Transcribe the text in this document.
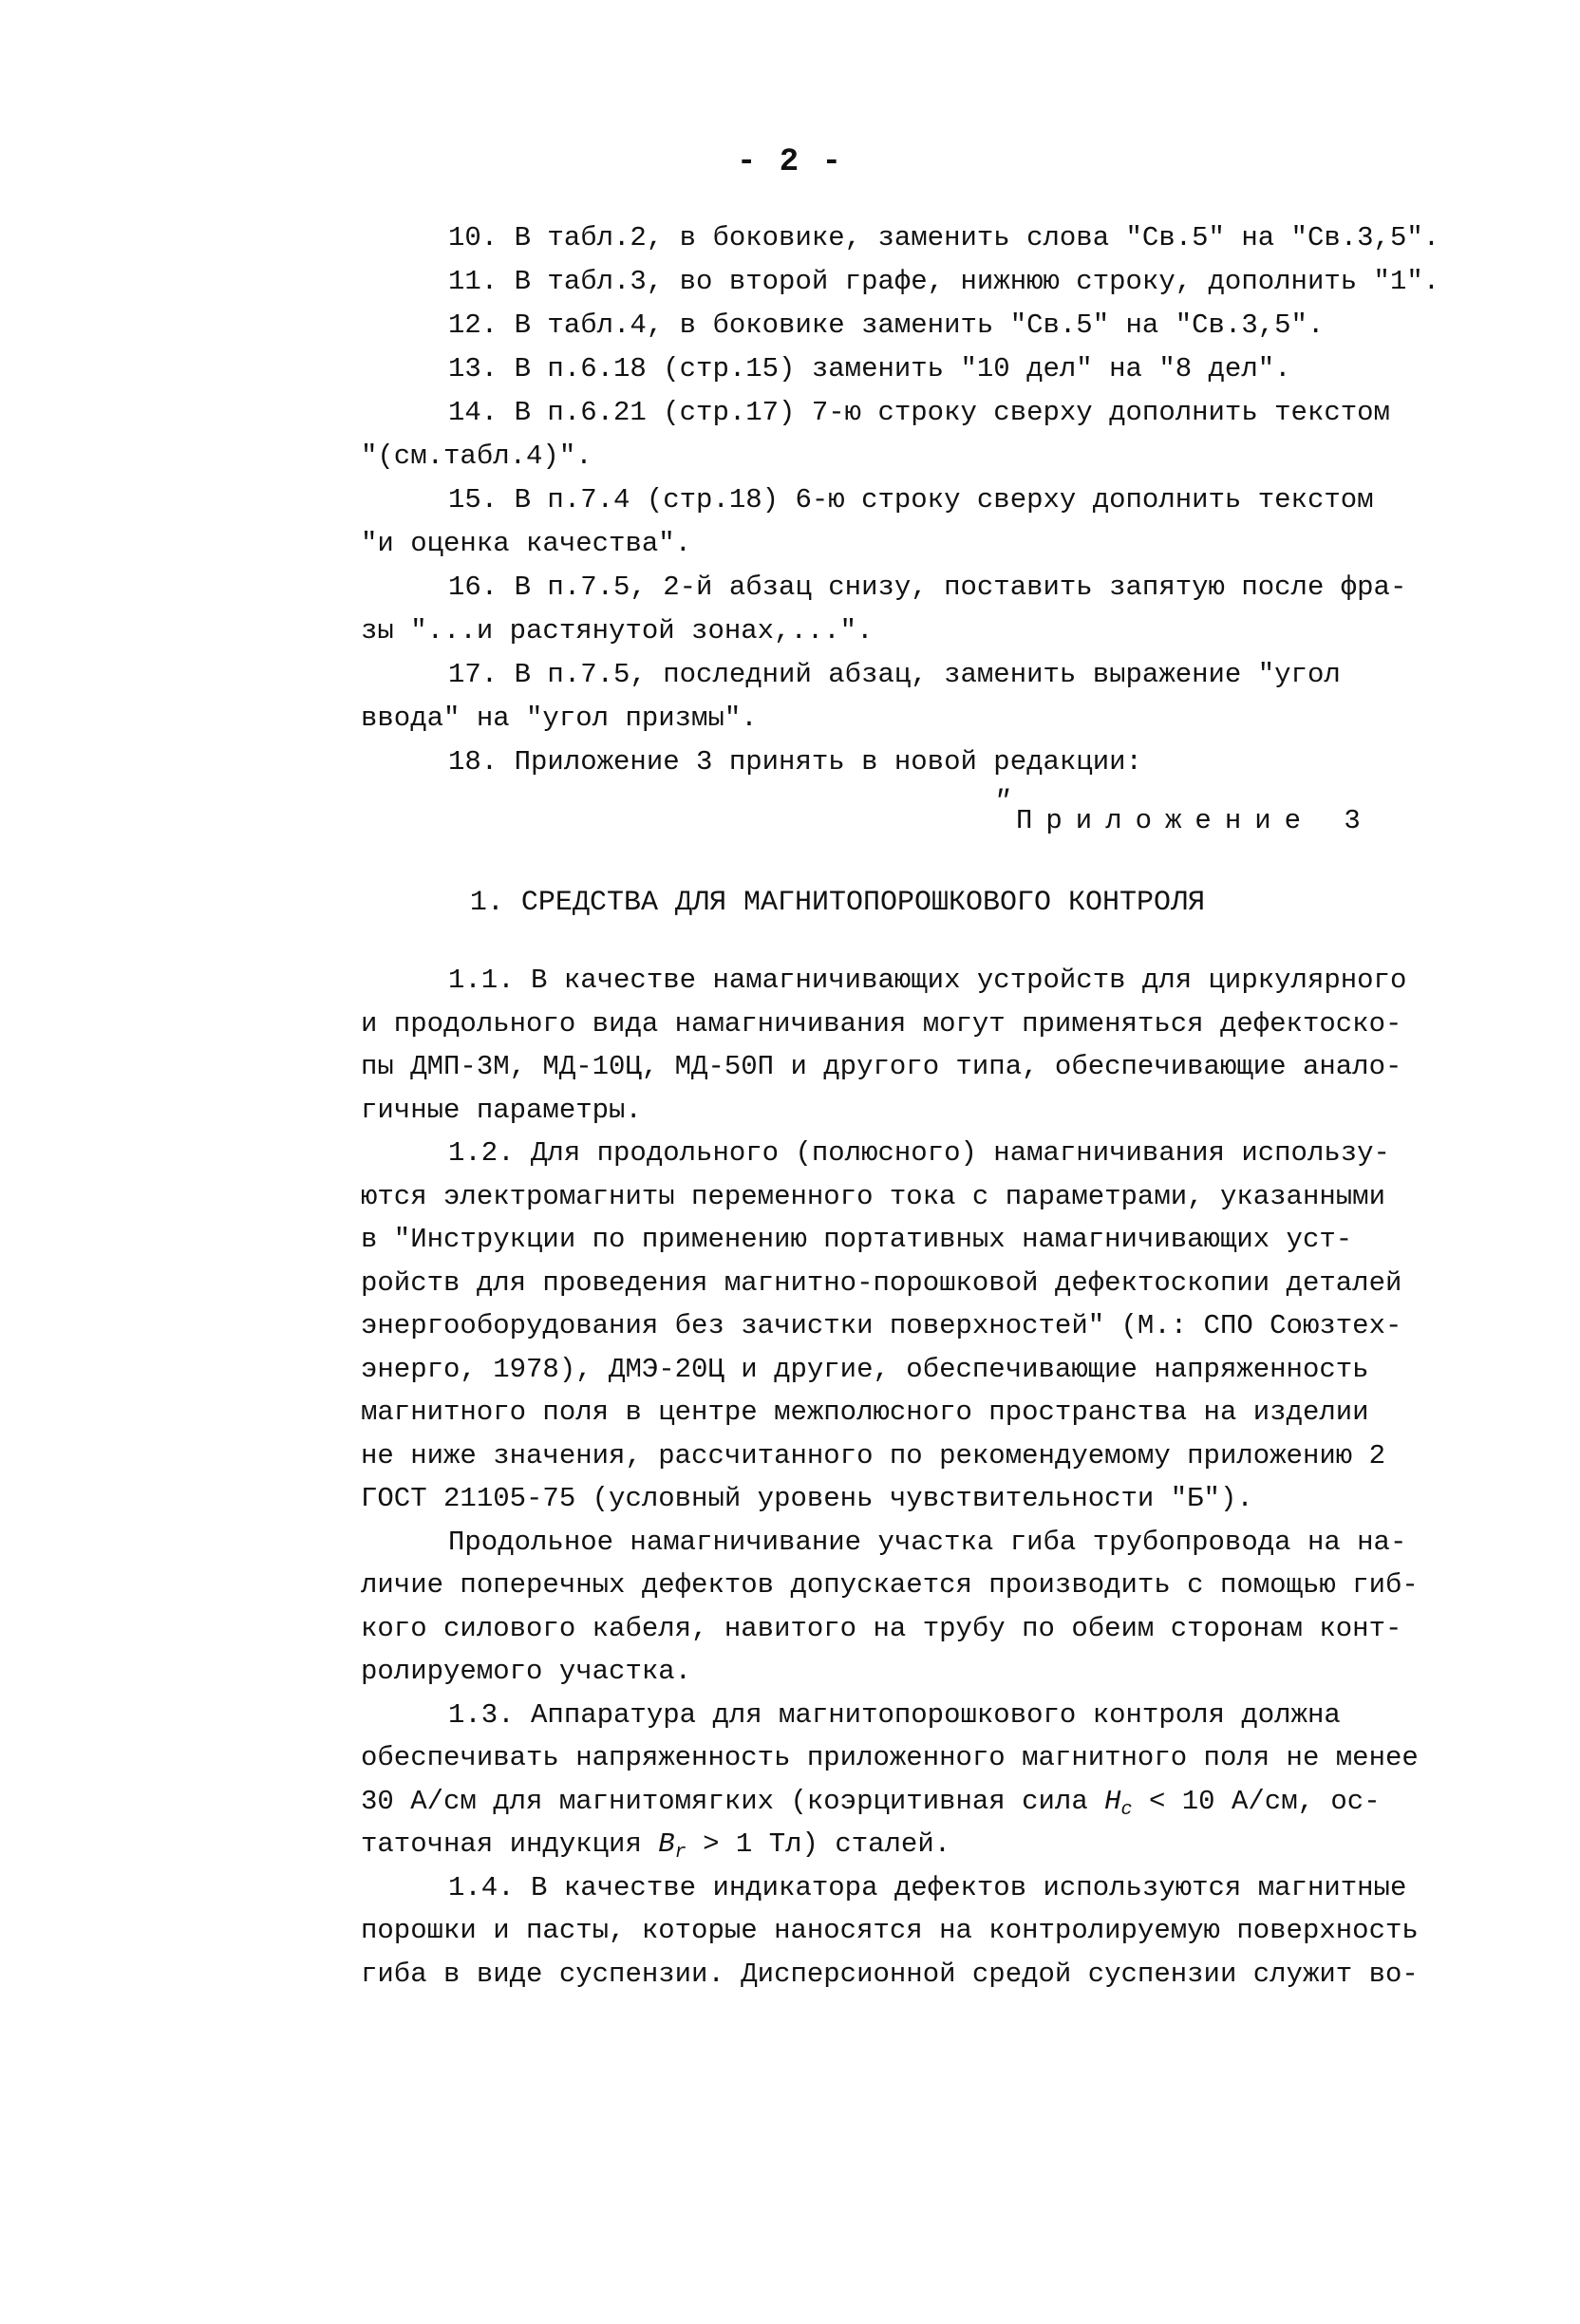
- 2 -
10. В табл.2, в боковике, заменить слова "Св.5" на "Св.3,5".
11. В табл.3, во второй графе, нижнюю строку, дополнить "1".
12. В табл.4, в боковике заменить "Св.5" на "Св.3,5".
13. В п.6.18 (стр.15) заменить "10 дел" на "8 дел".
14. В п.6.21 (стр.17) 7-ю строку сверху дополнить текстом
"(см.табл.4)".
15. В п.7.4 (стр.18) 6-ю строку сверху дополнить текстом
"и оценка качества".
16. В п.7.5, 2-й абзац снизу, поставить запятую после фра-
зы "...и растянутой зонах,...".
17. В п.7.5, последний абзац, заменить выражение "угол
ввода" на "угол призмы".
18. Приложение 3 принять в новой редакции:
"
Приложение 3
1. СРЕДСТВА ДЛЯ МАГНИТОПОРОШКОВОГО КОНТРОЛЯ
1.1. В качестве намагничивающих устройств для циркулярного
и продольного вида намагничивания могут применяться дефектоско-
пы ДМП-3М, МД-10Ц, МД-50П и другого типа, обеспечивающие анало-
гичные параметры.
1.2. Для продольного (полюсного) намагничивания использу-
ются электромагниты переменного тока с параметрами, указанными
в "Инструкции по применению портативных намагничивающих уст-
ройств для проведения магнитно-порошковой дефектоскопии деталей
энергооборудования без зачистки поверхностей" (М.: СПО Союзтех-
энерго, 1978), ДМЭ-20Ц и другие, обеспечивающие напряженность
магнитного поля в центре межполюсного пространства на изделии
не ниже значения, рассчитанного по рекомендуемому приложению 2
ГОСТ 21105-75 (условный уровень чувствительности "Б").
Продольное намагничивание участка гиба трубопровода на на-
личие поперечных дефектов допускается производить с помощью гиб-
кого силового кабеля, навитого на трубу по обеим сторонам конт-
ролируемого участка.
1.3. Аппаратура для магнитопорошкового контроля должна
обеспечивать напряженность приложенного магнитного поля не менее
30 А/см для магнитомягких (коэрцитивная сила $H_c < 10$ А/см, ос-
таточная индукция $B_r > 1$ Тл) сталей.
1.4. В качестве индикатора дефектов используются магнитные
порошки и пасты, которые наносятся на контролируемую поверхность
гиба в виде суспензии. Дисперсионной средой суспензии служит во-
